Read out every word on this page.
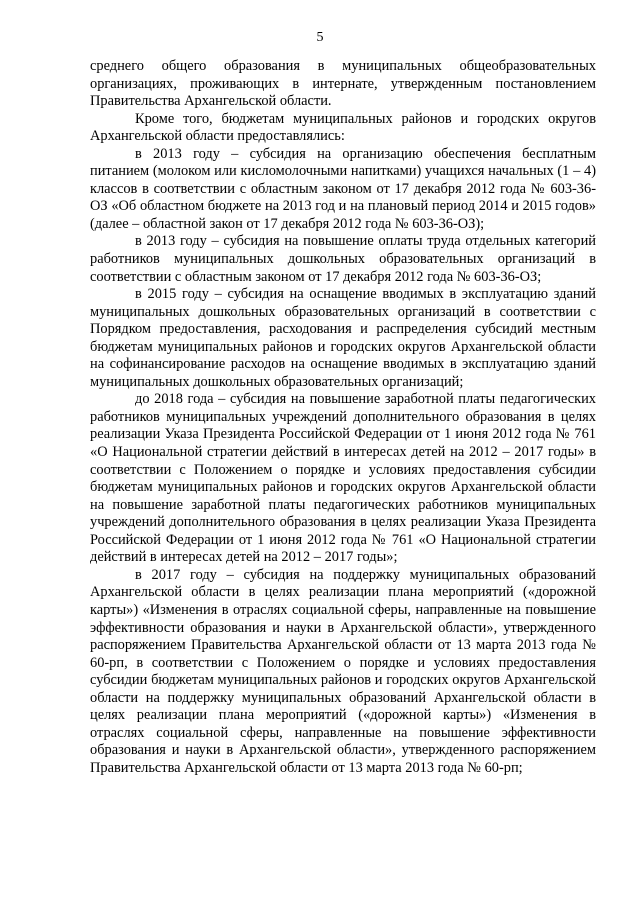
5

среднего общего образования в муниципальных общеобразовательных организациях, проживающих в интернате, утвержденным постановлением Правительства Архангельской области.

Кроме того, бюджетам муниципальных районов и городских округов Архангельской области предоставлялись:

в 2013 году – субсидия на организацию обеспечения бесплатным питанием (молоком или кисломолочными напитками) учащихся начальных (1 – 4) классов в соответствии с областным законом от 17 декабря 2012 года № 603-36-ОЗ «Об областном бюджете на 2013 год и на плановый период 2014 и 2015 годов» (далее – областной закон от 17 декабря 2012 года № 603-36-ОЗ);

в 2013 году – субсидия на повышение оплаты труда отдельных категорий работников муниципальных дошкольных образовательных организаций в соответствии с областным законом от 17 декабря 2012 года № 603-36-ОЗ;

в 2015 году – субсидия на оснащение вводимых в эксплуатацию зданий муниципальных дошкольных образовательных организаций в соответствии с Порядком предоставления, расходования и распределения субсидий местным бюджетам муниципальных районов и городских округов Архангельской области на софинансирование расходов на оснащение вводимых в эксплуатацию зданий муниципальных дошкольных образовательных организаций;

до 2018 года – субсидия на повышение заработной платы педагогических работников муниципальных учреждений дополнительного образования в целях реализации Указа Президента Российской Федерации от 1 июня 2012 года № 761 «О Национальной стратегии действий в интересах детей на 2012 – 2017 годы» в соответствии с Положением о порядке и условиях предоставления субсидии бюджетам муниципальных районов и городских округов Архангельской области на повышение заработной платы педагогических работников муниципальных учреждений дополнительного образования в целях реализации Указа Президента Российской Федерации от 1 июня 2012 года № 761 «О Национальной стратегии действий в интересах детей на 2012 – 2017 годы»;

в 2017 году – субсидия на поддержку муниципальных образований Архангельской области в целях реализации плана мероприятий («дорожной карты») «Изменения в отраслях социальной сферы, направленные на повышение эффективности образования и науки в Архангельской области», утвержденного распоряжением Правительства Архангельской области от 13 марта 2013 года № 60-рп, в соответствии с Положением о порядке и условиях предоставления субсидии бюджетам муниципальных районов и городских округов Архангельской области на поддержку муниципальных образований Архангельской области в целях реализации плана мероприятий («дорожной карты») «Изменения в отраслях социальной сферы, направленные на повышение эффективности образования и науки в Архангельской области», утвержденного распоряжением Правительства Архангельской области от 13 марта 2013 года № 60-рп;
